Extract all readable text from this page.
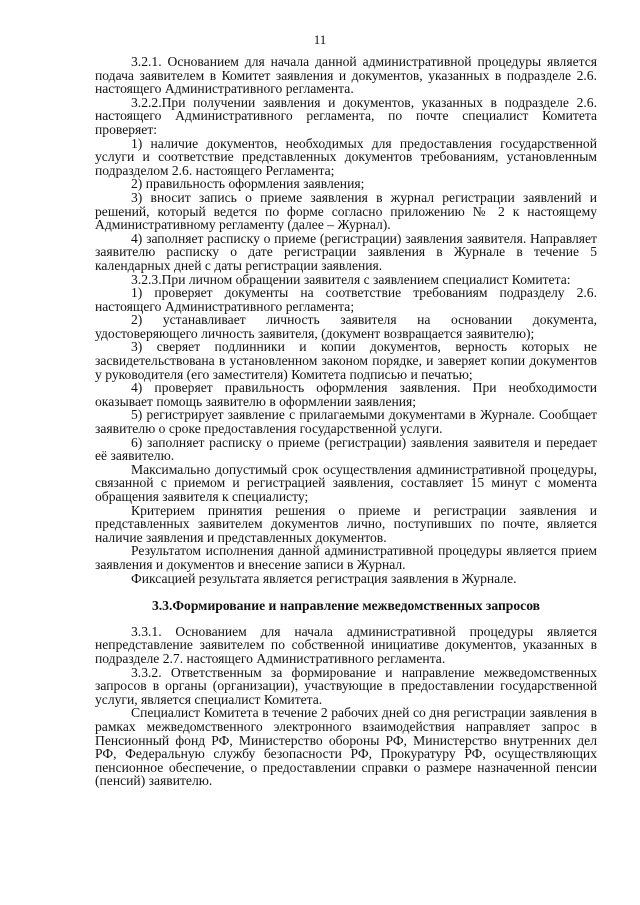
11

3.2.1. Основанием для начала данной административной процедуры является подача заявителем в Комитет заявления и документов, указанных в подразделе 2.6. настоящего Административного регламента.

3.2.2.При получении заявления и документов, указанных в подразделе 2.6. настоящего Административного регламента, по почте специалист Комитета проверяет:

1) наличие документов, необходимых для предоставления государственной услуги и соответствие представленных документов требованиям, установленным подразделом 2.6. настоящего Регламента;

2) правильность оформления заявления;

3) вносит запись о приеме заявления в журнал регистрации заявлений и решений, который ведется по форме согласно приложению № 2 к настоящему Административному регламенту (далее – Журнал).

4) заполняет расписку о приеме (регистрации) заявления заявителя. Направляет заявителю расписку о дате регистрации заявления в Журнале в течение 5 календарных дней с даты регистрации заявления.

3.2.3.При личном обращении заявителя с заявлением специалист Комитета:

1) проверяет документы на соответствие требованиям подразделу 2.6. настоящего Административного регламента;

2) устанавливает личность заявителя на основании документа, удостоверяющего личность заявителя, (документ возвращается заявителю);

3) сверяет подлинники и копии документов, верность которых не засвидетельствована в установленном законом порядке, и заверяет копии документов у руководителя (его заместителя) Комитета подписью и печатью;

4) проверяет правильность оформления заявления. При необходимости оказывает помощь заявителю в оформлении заявления;

5) регистрирует заявление с прилагаемыми документами в Журнале. Сообщает заявителю о сроке предоставления государственной услуги.

6) заполняет расписку о приеме (регистрации) заявления заявителя и передает её заявителю.

Максимально допустимый срок осуществления административной процедуры, связанной с приемом и регистрацией заявления, составляет 15 минут с момента обращения заявителя к специалисту;

Критерием принятия решения о приеме и регистрации заявления и представленных заявителем документов лично, поступивших по почте, является наличие заявления и представленных документов.

Результатом исполнения данной административной процедуры является прием заявления и документов и внесение записи в Журнал.

Фиксацией результата является регистрация заявления в Журнале.

3.3.Формирование и направление межведомственных запросов

3.3.1. Основанием для начала административной процедуры является непредставление заявителем по собственной инициативе документов, указанных в подразделе 2.7. настоящего Административного регламента.

3.3.2. Ответственным за формирование и направление межведомственных запросов в органы (организации), участвующие в предоставлении государственной услуги, является специалист Комитета.

Специалист Комитета в течение 2 рабочих дней со дня регистрации заявления в рамках межведомственного электронного взаимодействия направляет запрос в Пенсионный фонд РФ, Министерство обороны РФ, Министерство внутренних дел РФ, Федеральную службу безопасности РФ, Прокуратуру РФ, осуществляющих пенсионное обеспечение, о предоставлении справки о размере назначенной пенсии (пенсий) заявителю.
